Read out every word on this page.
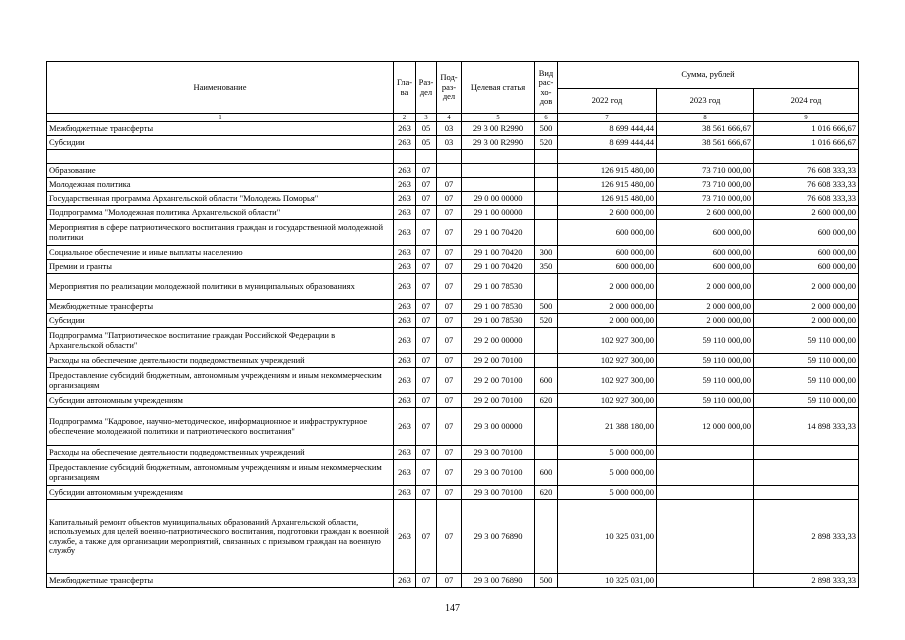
Наименование	Гла-ва	Раз-дел	Под-раз-дел	Целевая статья	Вид рас-хо-дов	Сумма, рублей		
						2022 год	2023 год	2024 год
1	2	3	4	5	6	7	8	9
Межбюджетные трансферты	263	05	03	29 3 00 R2990	500	8 699 444,44	38 561 666,67	1 016 666,67
Субсидии	263	05	03	29 3 00 R2990	520	8 699 444,44	38 561 666,67	1 016 666,67

Образование	263	07				126 915 480,00	73 710 000,00	76 608 333,33
Молодежная политика	263	07	07			126 915 480,00	73 710 000,00	76 608 333,33
Государственная программа Архангельской области "Молодежь Поморья"	263	07	07	29 0 00 00000		126 915 480,00	73 710 000,00	76 608 333,33
Подпрограмма "Молодежная политика Архангельской области"	263	07	07	29 1 00 00000		2 600 000,00	2 600 000,00	2 600 000,00
Мероприятия в сфере патриотического воспитания граждан и государственной молодежной политики	263	07	07	29 1 00 70420		600 000,00	600 000,00	600 000,00
Социальное обеспечение и иные выплаты населению	263	07	07	29 1 00 70420	300	600 000,00	600 000,00	600 000,00
Премии и гранты	263	07	07	29 1 00 70420	350	600 000,00	600 000,00	600 000,00
Мероприятия по реализации молодежной политики в муниципальных образованиях	263	07	07	29 1 00 78530		2 000 000,00	2 000 000,00	2 000 000,00
Межбюджетные трансферты	263	07	07	29 1 00 78530	500	2 000 000,00	2 000 000,00	2 000 000,00
Субсидии	263	07	07	29 1 00 78530	520	2 000 000,00	2 000 000,00	2 000 000,00
Подпрограмма "Патриотическое воспитание граждан Российской Федерации в Архангельской области"	263	07	07	29 2 00 00000		102 927 300,00	59 110 000,00	59 110 000,00
Расходы на обеспечение деятельности подведомственных учреждений	263	07	07	29 2 00 70100		102 927 300,00	59 110 000,00	59 110 000,00
Предоставление субсидий бюджетным, автономным учреждениям и иным некоммерческим организациям	263	07	07	29 2 00 70100	600	102 927 300,00	59 110 000,00	59 110 000,00
Субсидии автономным учреждениям	263	07	07	29 2 00 70100	620	102 927 300,00	59 110 000,00	59 110 000,00
Подпрограмма "Кадровое, научно-методическое, информационное и инфраструктурное обеспечение молодежной политики и патриотического воспитания"	263	07	07	29 3 00 00000		21 388 180,00	12 000 000,00	14 898 333,33
Расходы на обеспечение деятельности подведомственных учреждений	263	07	07	29 3 00 70100		5 000 000,00		
Предоставление субсидий бюджетным, автономным учреждениям и иным некоммерческим организациям	263	07	07	29 3 00 70100	600	5 000 000,00		
Субсидии автономным учреждениям	263	07	07	29 3 00 70100	620	5 000 000,00		
Капитальный ремонт объектов муниципальных образований Архангельской области, используемых для целей военно-патриотического воспитания, подготовки граждан к военной службе, а также для организации мероприятий, связанных с призывом граждан на военную службу	263	07	07	29 3 00 76890		10 325 031,00		2 898 333,33
Межбюджетные трансферты	263	07	07	29 3 00 76890	500	10 325 031,00		2 898 333,33
147
